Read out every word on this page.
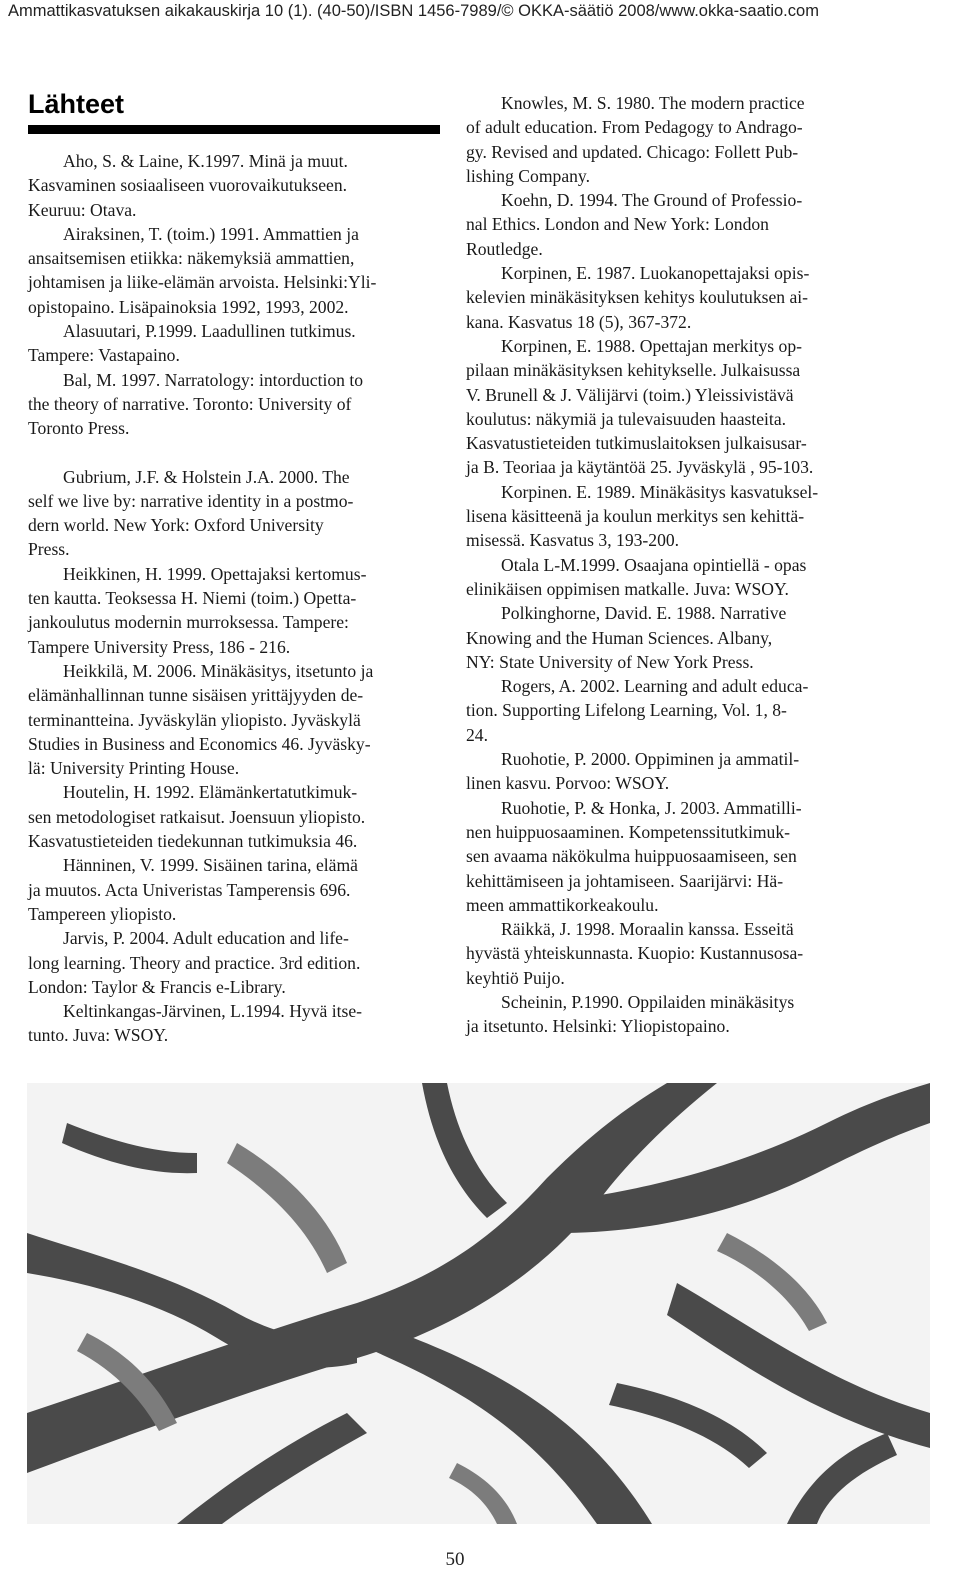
Ammattikasvatuksen aikakauskirja 10 (1). (40-50)/ISBN 1456-7989/© OKKA-säätiö 2008/www.okka-saatio.com
Lähteet

Aho, S. & Laine, K.1997. Minä ja muut.
Kasvaminen sosiaaliseen vuorovaikutukseen.
Keuruu: Otava.

Airaksinen, T. (toim.) 1991. Ammattien ja
ansaitsemisen etiikka: näkemyksiä ammattien,
johtamisen ja liike-elämän arvoista. Helsinki:Yli-
opistopaino. Lisäpainoksia 1992, 1993, 2002.

Alasuutari, P.1999. Laadullinen tutkimus.
Tampere: Vastapaino.

Bal, M. 1997. Narratology: intorduction to
the theory of narrative. Toronto: University of
Toronto Press.

Gubrium, J.F. & Holstein J.A. 2000. The
self we live by: narrative identity in a postmo-
dern world. New York: Oxford University
Press.

Heikkinen, H. 1999. Opettajaksi kertomus-
ten kautta. Teoksessa H. Niemi (toim.) Opetta-
jankoulutus modernin murroksessa. Tampere:
Tampere University Press, 186 - 216.

Heikkilä, M. 2006. Minäkäsitys, itsetunto ja
elämänhallinnan tunne sisäisen yrittäjyyden de-
terminantteina. Jyväskylän yliopisto. Jyväskylä
Studies in Business and Economics 46. Jyväsky-
lä: University Printing House.

Houtelin, H. 1992. Elämänkertatutkimuk-
sen metodologiset ratkaisut. Joensuun yliopisto.
Kasvatustieteiden tiedekunnan tutkimuksia 46.

Hänninen, V. 1999. Sisäinen tarina, elämä
ja muutos. Acta Univeristas Tamperensis 696.
Tampereen yliopisto.

Jarvis, P. 2004. Adult education and life-
long learning. Theory and practice. 3rd edition.
London: Taylor & Francis e-Library.

Keltinkangas-Järvinen, L.1994. Hyvä itse-
tunto. Juva: WSOY.

Knowles, M. S. 1980. The modern practice
of adult education. From Pedagogy to Andrago-
gy. Revised and updated. Chicago: Follett Pub-
lishing Company.

Koehn, D. 1994. The Ground of Professio-
nal Ethics. London and New York: London
Routledge.

Korpinen, E. 1987. Luokanopettajaksi opis-
kelevien minäkäsityksen kehitys koulutuksen ai-
kana. Kasvatus 18 (5), 367-372.

Korpinen, E. 1988. Opettajan merkitys op-
pilaan minäkäsityksen kehitykselle. Julkaisussa
V. Brunell & J. Välijärvi (toim.) Yleissivistävä
koulutus: näkymiä ja tulevaisuuden haasteita.
Kasvatustieteiden tutkimuslaitoksen julkaisusar-
ja B. Teoriaa ja käytäntöä 25. Jyväskylä , 95-103.

Korpinen. E. 1989. Minäkäsitys kasvatuksel-
lisena käsitteenä ja koulun merkitys sen kehittä-
misessä. Kasvatus 3, 193-200.

Otala L-M.1999. Osaajana opintiellä - opas
elinikäisen oppimisen matkalle. Juva: WSOY.

Polkinghorne, David. E. 1988. Narrative
Knowing and the Human Sciences. Albany,
NY: State University of New York Press.

Rogers, A. 2002. Learning and adult educa-
tion. Supporting Lifelong Learning, Vol. 1, 8-
24.

Ruohotie, P. 2000. Oppiminen ja ammatil-
linen kasvu. Porvoo: WSOY.

Ruohotie, P. & Honka, J. 2003. Ammatilli-
nen huippuosaaminen. Kompetenssitutkimuk-
sen avaama näkökulma huippuosaamiseen, sen
kehittämiseen ja johtamiseen. Saarijärvi: Hä-
meen ammattikorkeakoulu.

Räikkä, J. 1998. Moraalin kanssa. Esseitä
hyvästä yhteiskunnasta. Kuopio: Kustannusosa-
keyhtiö Puijo.

Scheinin, P.1990. Oppilaiden minäkäsitys
ja itsetunto. Helsinki: Yliopistopaino.

50
